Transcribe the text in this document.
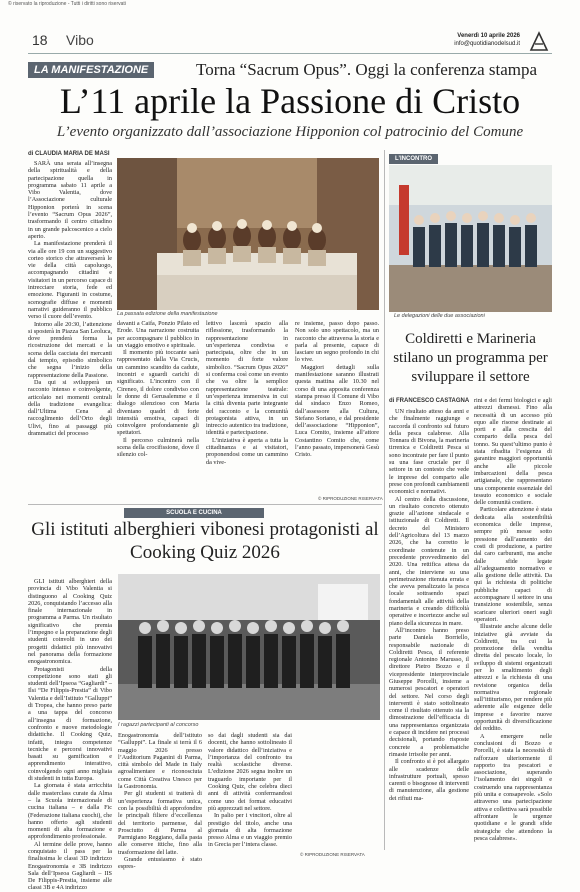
© riservato la riproduzione - Tutti i diritti sono riservati
18 Vibo	Venerdì 10 aprile 2026
info@quotidianodelsud.it
LA MANIFESTAZIONE	Torna “Sacrum Opus”. Oggi la conferenza stampa
L’11 aprile la Passione di Cristo
L’evento organizzato dall’associazione Hipponion col patrocinio del Comune
di CLAUDIA MARIA DE MASI

SARÀ una serata all’insegna della spiritualità e della partecipazione quella in programma sabato 11 aprile a Vibo Valentia, dove l’Associazione culturale Hipponion porterà in scena l’evento “Sacrum Opus 2026”, trasformando il centro cittadino in un grande palcoscenico a cielo aperto.

La manifestazione prenderà il via alle ore 19 con un suggestivo corteo storico che attraverserà le vie della città capoluogo, accompagnando cittadini e visitatori in un percorso capace di intrecciare storia, fede ed emozione. Figuranti in costume, scenografie diffuse e momenti narrativi guideranno il pubblico verso il cuore dell’evento.

Intorno alle 20:30, l’attenzione si sposterà in Piazza San Leoluca, dove prenderà forma la ricostruzione dei mercati e la scena della cacciata dei mercanti dal tempio, episodio simbolico che segna l’inizio della rappresentazione della Passione.

Da qui si svilupperà un racconto intenso e coinvolgente, articolato nei momenti centrali della tradizione evangelica: dall’Ultima Cena al raccoglimento dell’Orto degli Ulivi, fino ai passaggi più drammatici del processo

La passata edizione della manifestazione

davanti a Caifa, Ponzio Pilato ed Erode. Una narrazione costruita per accompagnare il pubblico in un viaggio emotivo e spirituale.

Il momento più toccante sarà rappresentato dalla Via Crucis, un cammino scandito da cadute, incontri e sguardi carichi di significato. L’incontro con il Cireneo, il dolore condiviso con le donne di Gerusalemme e il dialogo silenzioso con Maria diventano quadri di forte intensità emotiva, capaci di coinvolgere profondamente gli spettatori.

Il percorso culminerà nella scena della crocifissione, dove il silenzio col-

lettivo lascerà spazio alla riflessione, trasformando la rappresentazione in un’esperienza condivisa e partecipata, oltre che in un momento di forte valore simbolico. “Sacrum Opus 2026” si conferma così come un evento che va oltre la semplice rappresentazione teatrale: un’esperienza immersiva in cui la città diventa parte integrante del racconto e la comunità protagonista attiva, in un intreccio autentico tra tradizione, identità e partecipazione.

L’iniziativa è aperta a tutta la cittadinanza e ai visitatori, proponendosi come un cammino da vive-

re insieme, passo dopo passo. Non solo uno spettacolo, ma un racconto che attraversa la storia e parla al presente, capace di lasciare un segno profondo in chi lo vive.

Maggiori dettagli sulla manifestazione saranno illustrati questa mattina alle 10.30 nel corso di una apposita conferenza stampa presso il Comune di Vibo dal sindaco Enzo Romeo, dall’assessore alla Cultura, Stefano Soriano, e dal presidente dell’associazione “Hipponion”, Luca Comito, insieme all’attore Costantino Comito che, come l’anno passato, impersonerà Gesù Cristo.

© RIPRODUZIONE RISERVATA
L’INCONTRO
Le delegazioni delle due associazioni
Coldiretti e Marineria stilano un programma per sviluppare il settore
di FRANCESCO CASTAGNA

UN risultato atteso da anni e che finalmente raggiunge e raccorda il confronto sul futuro della pesca calabrese. Alla Tonnara di Bivona, la marineria tirrenica e Coldiretti Pesca si sono incontrate per fare il punto su una fase cruciale per il settore in un contesto che vede le imprese del comparto alle prese con profondi cambiamenti economici e normativi.

Al centro della discussione, un risultato concreto ottenuto grazie all’azione sindacale e istituzionale di Coldiretti. Il decreto del Ministero dell’Agricoltura del 13 marzo 2026, che ha corretto le coordinate contenute in un precedente provvedimento del 2020. Una rettifica attesa da anni, che interviene su una perimetrazione ritenuta errata e che aveva penalizzato la pesca locale sottraendo spazi fondamentali alle attività della marineria e creando difficoltà operative e incertezze anche sul piano della sicurezza in mare.

All’incontro hanno preso parte Daniela Borriello, responsabile nazionale di Coldiretti Pesca, il referente regionale Antonino Marusso, il direttore Pietro Bozzo e il vicepresidente interprovinciale Giuseppe Porcelli, insieme a numerosi pescatori e operatori del settore. Nel corso degli interventi è stato sottolineato come il risultato ottenuto sia la dimostrazione dell’efficacia di una rappresentanza organizzata e capace di incidere nei processi decisionali, portando risposte concrete a problematiche rimaste irrisolte per anni.

Il confronto si è poi allargato alle scadenze delle infrastrutture portuali, spesso carenti o bisognose di interventi di manutenzione, alla gestione dei rifiuti ma-

rini e dei fermi biologici e agli attrezzi dismessi. Fino alla necessità di un accesso più equo alle risorse destinate ai porti e alla crescita del comparto della pesca del tonno. Su quest’ultimo punto è stata ribadita l’esigenza di garantire maggiori opportunità anche alle piccole imbarcazioni della pesca artigianale, che rappresentano una componente essenziale del tessuto economico e sociale delle comunità costiere.

Particolare attenzione è stata dedicata alla sostenibilità economica delle imprese, sempre più messe sotto pressione dall’aumento dei costi di produzione, a partire dal caro carburanti, ma anche dalle sfide legate all’adeguamento normativo e alla gestione delle attività. Da qui la richiesta di politiche pubbliche capaci di accompagnare il settore in una transizione sostenibile, senza scaricare ulteriori oneri sugli operatori.

Illustrate anche alcune delle iniziative già avviate da Coldiretti, tra cui la promozione della vendita diretta del pescato locale, lo sviluppo di sistemi organizzati per lo smaltimento degli attrezzi e la richiesta di una revisione organica della normativa regionale sull’ittiturismo, per rendere più aderente alle esigenze delle imprese e favorire nuove opportunità di diversificazione del reddito.

A emergere nelle conclusioni di Bozzo e Porcelli, è stata la necessità di rafforzare ulteriormente il rapporto tra pescatori e associazione, superando l’isolamento dei singoli e costruendo una rappresentanza più unita e consapevole. «Solo attraverso una partecipazione attiva e collettiva sarà possibile affrontare le urgenze quotidiane e le grandi sfide strategiche che attendono la pesca calabrese».

SCUOLA E CUCINA
Gli istituti alberghieri vibonesi protagonisti al Cooking Quiz 2026

GLI istituti alberghieri della provincia di Vibo Valentia si distinguono al Cooking Quiz 2026, conquistando l’accesso alla finale internazionale in programma a Parma. Un risultato significativo che premia l’impegno e la preparazione degli studenti coinvolti in uno dei progetti didattici più innovativi nel panorama della formazione enogastronomica.

Protagonisti della competizione sono stati gli studenti dell’Ipseoa “Gagliardi” – Ilsi “De Filippis-Prestia” di Vibo Valentia e dell’Istituto “Galluppi” di Tropea, che hanno preso parte a una tappa del concorso all’insegna di formazione, confronto e nuove metodologie didattiche. Il Cooking Quiz, infatti, integra competenze tecniche e percorsi innovativi basati su gamification e apprendimento interattivo, coinvolgendo ogni anno migliaia di studenti in tutta Europa.

La giornata è stata arricchita dalle masterclass curate da Alma – la Scuola internazionale di cucina italiana – e dalla Fic (Federazione italiana cuochi), che hanno offerto agli studenti momenti di alta formazione e approfondimento professionale.

Al termine delle prove, hanno conquistato il pass per la finalissima le classi 3D indirizzo Enogastronomia e 3B indirizzo Sala dell’Ipseoa Gagliardi – IIS De Filippis-Prestia, insieme alle classi 3B e 4A indirizzo

I ragazzi partecipanti al concorso

Enogastronomia dell’istituto “Galluppi”. La finale si terrà il 6 maggio 2026 presso l’Auditorium Paganini di Parma, città simbolo del Made in Italy agroalimentare e riconosciuta come Città Creativa Unesco per la Gastronomia.

Per gli studenti si tratterà di un’esperienza formativa unica, con la possibilità di approfondire le principali filiere d’eccellenza del territorio parmense, dal Prosciutto di Parma al Parmigiano Reggiano, dalla pasta alle conserve ittiche, fino alla trasformazione del latte.

Grande entusiasmo è stato espres-

so dai dagli studenti sia dai docenti, che hanno sottolineato il valore didattico dell’iniziativa e l’importanza del confronto tra realtà scolastiche diverse. L’edizione 2026 segna inoltre un traguardo importante per il Cooking Quiz, che celebra dieci anni di attività confermandosi come uno dei format educativi più apprezzati nel settore.

In palio per i vincitori, oltre al prestigio del titolo, anche una giornata di alta formazione presso Alma e un viaggio premio in Grecia per l’intera classe.

© RIPRODUZIONE RISERVATA
